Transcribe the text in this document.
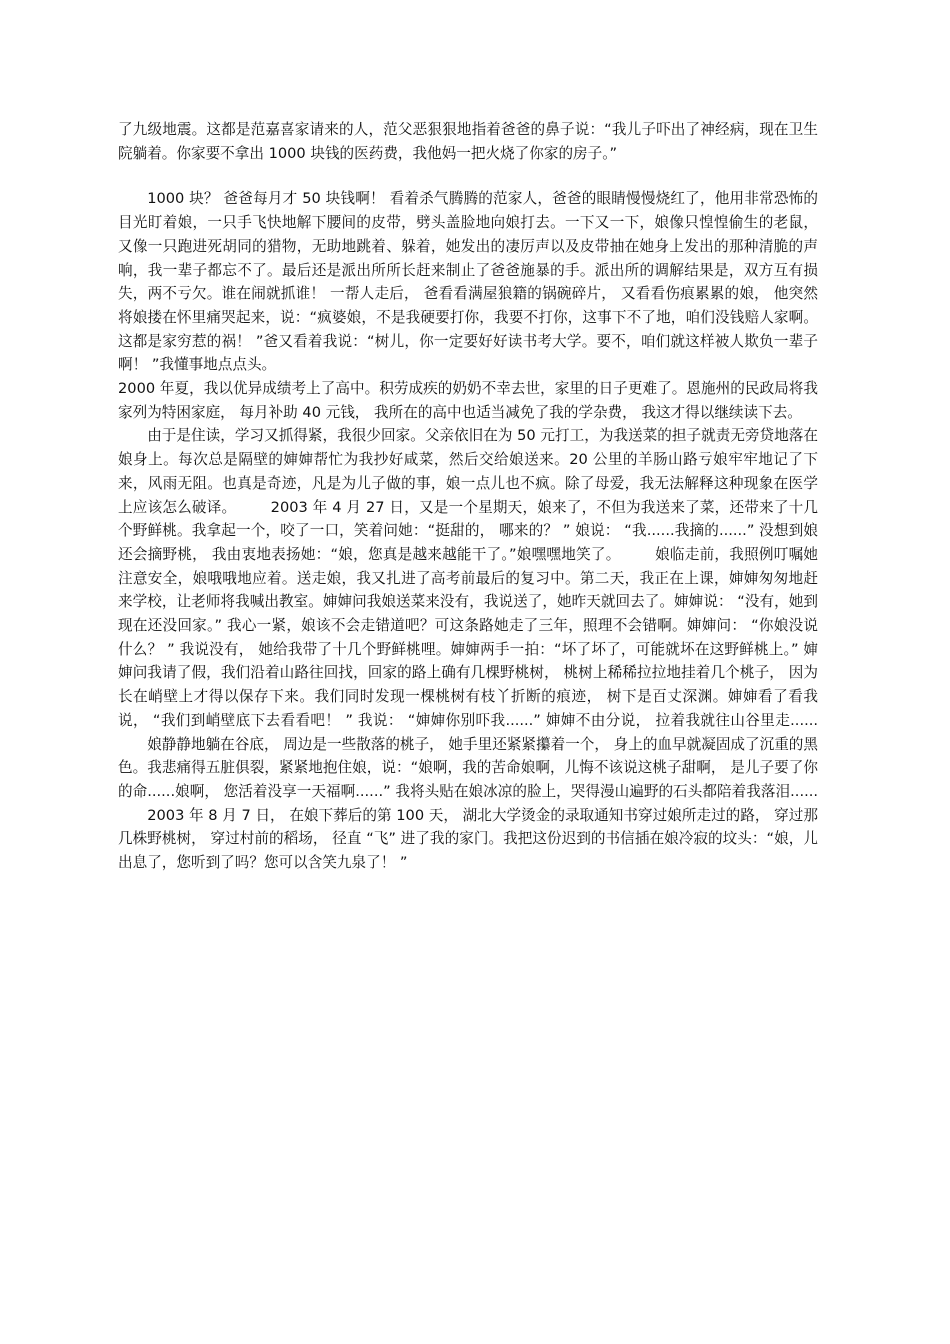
了九级地震。这都是范嘉喜家请来的人，范父恶狠狠地指着爸爸的鼻子说：“我儿子吓出了神经病，现在卫生院躺着。你家要不拿出 1000 块钱的医药费，我他妈一把火烧了你家的房子。”

1000 块？ 爸爸每月才 50 块钱啊！ 看着杀气腾腾的范家人，爸爸的眼睛慢慢烧红了，他用非常恐怖的目光盯着娘，一只手飞快地解下腰间的皮带，劈头盖脸地向娘打去。一下又一下，娘像只惶惶偷生的老鼠，又像一只跑进死胡同的猎物，无助地跳着、躲着，她发出的凄厉声以及皮带抽在她身上发出的那种清脆的声响，我一辈子都忘不了。最后还是派出所所长赶来制止了爸爸施暴的手。派出所的调解结果是，双方互有损失，两不亏欠。谁在闹就抓谁！ 一帮人走后， 爸看看满屋狼籍的锅碗碎片， 又看看伤痕累累的娘， 他突然将娘搂在怀里痛哭起来，说：“疯婆娘，不是我硬要打你，我要不打你，这事下不了地，咱们没钱赔人家啊。这都是家穷惹的祸！ ”爸又看着我说：“树儿，你一定要好好读书考大学。要不，咱们就这样被人欺负一辈子啊！ ”我懂事地点点头。

2000 年夏，我以优异成绩考上了高中。积劳成疾的奶奶不幸去世，家里的日子更难了。恩施州的民政局将我家列为特困家庭， 每月补助 40 元钱， 我所在的高中也适当减免了我的学杂费， 我这才得以继续读下去。

由于是住读，学习又抓得紧，我很少回家。父亲依旧在为 50 元打工，为我送菜的担子就责无旁贷地落在娘身上。每次总是隔壁的婶婶帮忙为我抄好咸菜，然后交给娘送来。20 公里的羊肠山路亏娘牢牢地记了下来，风雨无阻。也真是奇迹，凡是为儿子做的事，娘一点儿也不疯。除了母爱，我无法解释这种现象在医学上应该怎么破译。 　　2003 年 4 月 27 日，又是一个星期天，娘来了，不但为我送来了菜，还带来了十几个野鲜桃。我拿起一个，咬了一口，笑着问她：“挺甜的， 哪来的？ ” 娘说： “我......我摘的......” 没想到娘还会摘野桃， 我由衷地表扬她：“娘，您真是越来越能干了。”娘嘿嘿地笑了。 　　娘临走前，我照例叮嘱她注意安全，娘哦哦地应着。送走娘，我又扎进了高考前最后的复习中。第二天，我正在上课，婶婶匆匆地赶来学校，让老师将我喊出教室。婶婶问我娘送菜来没有，我说送了，她昨天就回去了。婶婶说： “没有，她到现在还没回家。” 我心一紧，娘该不会走错道吧？可这条路她走了三年，照理不会错啊。婶婶问： “你娘没说什么？ ” 我说没有， 她给我带了十几个野鲜桃哩。婶婶两手一拍：“坏了坏了，可能就坏在这野鲜桃上。” 婶婶问我请了假，我们沿着山路往回找，回家的路上确有几棵野桃树， 桃树上稀稀拉拉地挂着几个桃子， 因为长在峭壁上才得以保存下来。我们同时发现一棵桃树有枝丫折断的痕迹， 树下是百丈深渊。婶婶看了看我说， “我们到峭壁底下去看看吧！ ” 我说： “婶婶你别吓我......” 婶婶不由分说， 拉着我就往山谷里走...... 　　娘静静地躺在谷底， 周边是一些散落的桃子， 她手里还紧紧攥着一个， 身上的血早就凝固成了沉重的黑色。我悲痛得五脏俱裂，紧紧地抱住娘，说：“娘啊，我的苦命娘啊，儿悔不该说这桃子甜啊， 是儿子要了你的命......娘啊， 您活着没享一天福啊......” 我将头贴在娘冰凉的脸上，哭得漫山遍野的石头都陪着我落泪...... 　　2003 年 8 月 7 日， 在娘下葬后的第 100 天， 湖北大学烫金的录取通知书穿过娘所走过的路， 穿过那几株野桃树， 穿过村前的稻场， 径直 “飞” 进了我的家门。我把这份迟到的书信插在娘冷寂的坟头：“娘，儿出息了，您听到了吗？您可以含笑九泉了！ ”
